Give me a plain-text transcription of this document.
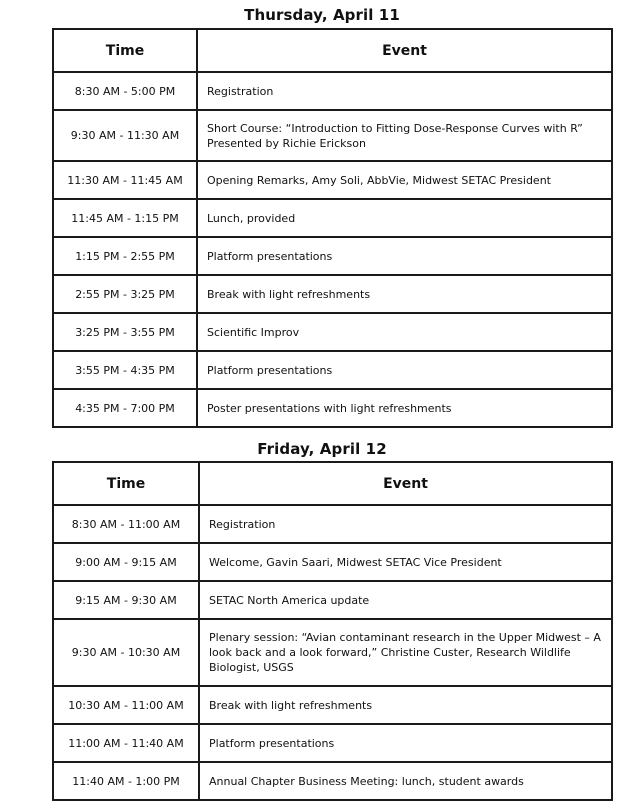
Thursday, April 11
Time	Event
8:30 AM - 5:00 PM	Registration
9:30 AM - 11:30 AM	Short Course: “Introduction to Fitting Dose-Response Curves with R”
Presented by Richie Erickson
11:30 AM - 11:45 AM	Opening Remarks, Amy Soli, AbbVie, Midwest SETAC President
11:45 AM - 1:15 PM	Lunch, provided
1:15 PM - 2:55 PM	Platform presentations
2:55 PM - 3:25 PM	Break with light refreshments
3:25 PM - 3:55 PM	Scientific Improv
3:55 PM - 4:35 PM	Platform presentations
4:35 PM - 7:00 PM	Poster presentations with light refreshments
Friday, April 12
Time	Event
8:30 AM - 11:00 AM	Registration
9:00 AM - 9:15 AM	Welcome, Gavin Saari, Midwest SETAC Vice President
9:15 AM - 9:30 AM	SETAC North America update
9:30 AM - 10:30 AM	Plenary session: “Avian contaminant research in the Upper Midwest – A look back and a look forward,” Christine Custer, Research Wildlife Biologist, USGS
10:30 AM - 11:00 AM	Break with light refreshments
11:00 AM - 11:40 AM	Platform presentations
11:40 AM - 1:00 PM	Annual Chapter Business Meeting: lunch, student awards
